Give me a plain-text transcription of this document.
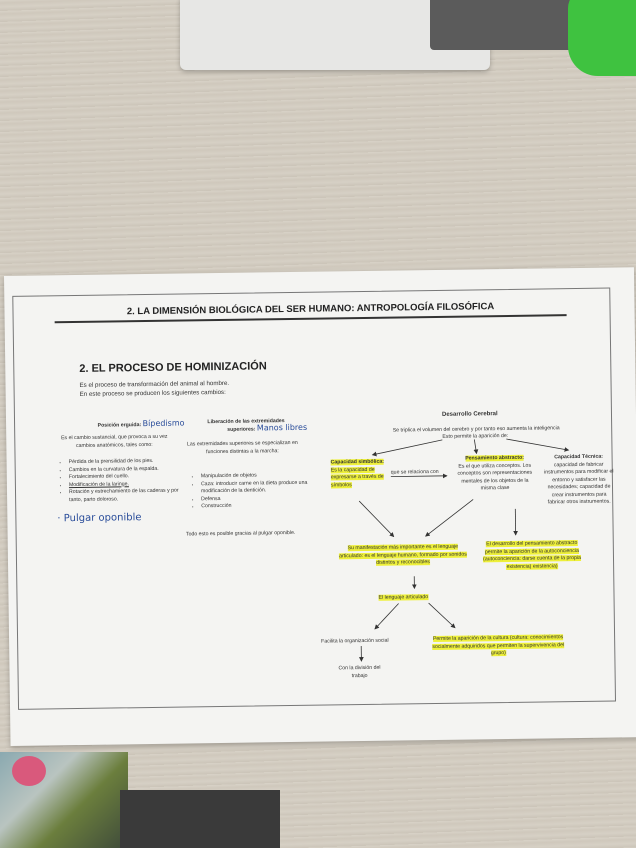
2. LA DIMENSIÓN BIOLÓGICA DEL SER HUMANO: ANTROPOLOGÍA FILOSÓFICA
2. EL PROCESO DE HOMINIZACIÓN
Es el proceso de transformación del animal al hombre.
En este proceso se producen los siguientes cambios:
Posición erguida: Bípedismo
Es el cambio sustancial, que provoca a su vez cambios anatómicos, tales como:
• Pérdida de la prensilidad de los pies.
• Cambios en la curvatura de la espalda.
• Fortalecimiento del cuello.
• Modificación de la laringe.
• Rotación y estrechamiento de las caderas y por tanto, parto doloroso.
· Pulgar oponible
Liberación de las extremidades
superiores: Manos libres
Las extremidades superiores se especializan en funciones distintas a la marcha:
• Manipulación de objetos
• Caza: introducir carne en la dieta produce una modificación de la dentición.
• Defensa
• Construcción
Todo esto es posible gracias al pulgar oponible.
Desarrollo Cerebral
Se triplica el volumen del cerebro y por tanto eso aumenta la inteligencia
Esto permite la aparición de:
Capacidad simbólica:
Es la capacidad de expresarse a través de símbolos
que se relaciona con
Pensamiento abstracto:
Es el que utiliza conceptos. Los conceptos son representaciones mentales de los objetos de la misma clase
Capacidad Técnica:
capacidad de fabricar instrumentos para modificar el entorno y satisfacer las necesidades; capacidad de crear instrumentos para fabricar otros instrumentos.
Su manifestación más importante es el lenguaje articulado: es el lenguaje humano, formado por sonidos distintos y reconocibles
El desarrollo del pensamiento abstracto permite la aparición de la autoconciencia (autoconciencia: darse cuenta de la propia existencia) existencia)
El lenguaje articulado
Facilita la organización social
Con la división del trabajo
Permite la aparición de la cultura (cultura: conocimientos socialmente adquiridos que permiten la supervivencia del grupo)
